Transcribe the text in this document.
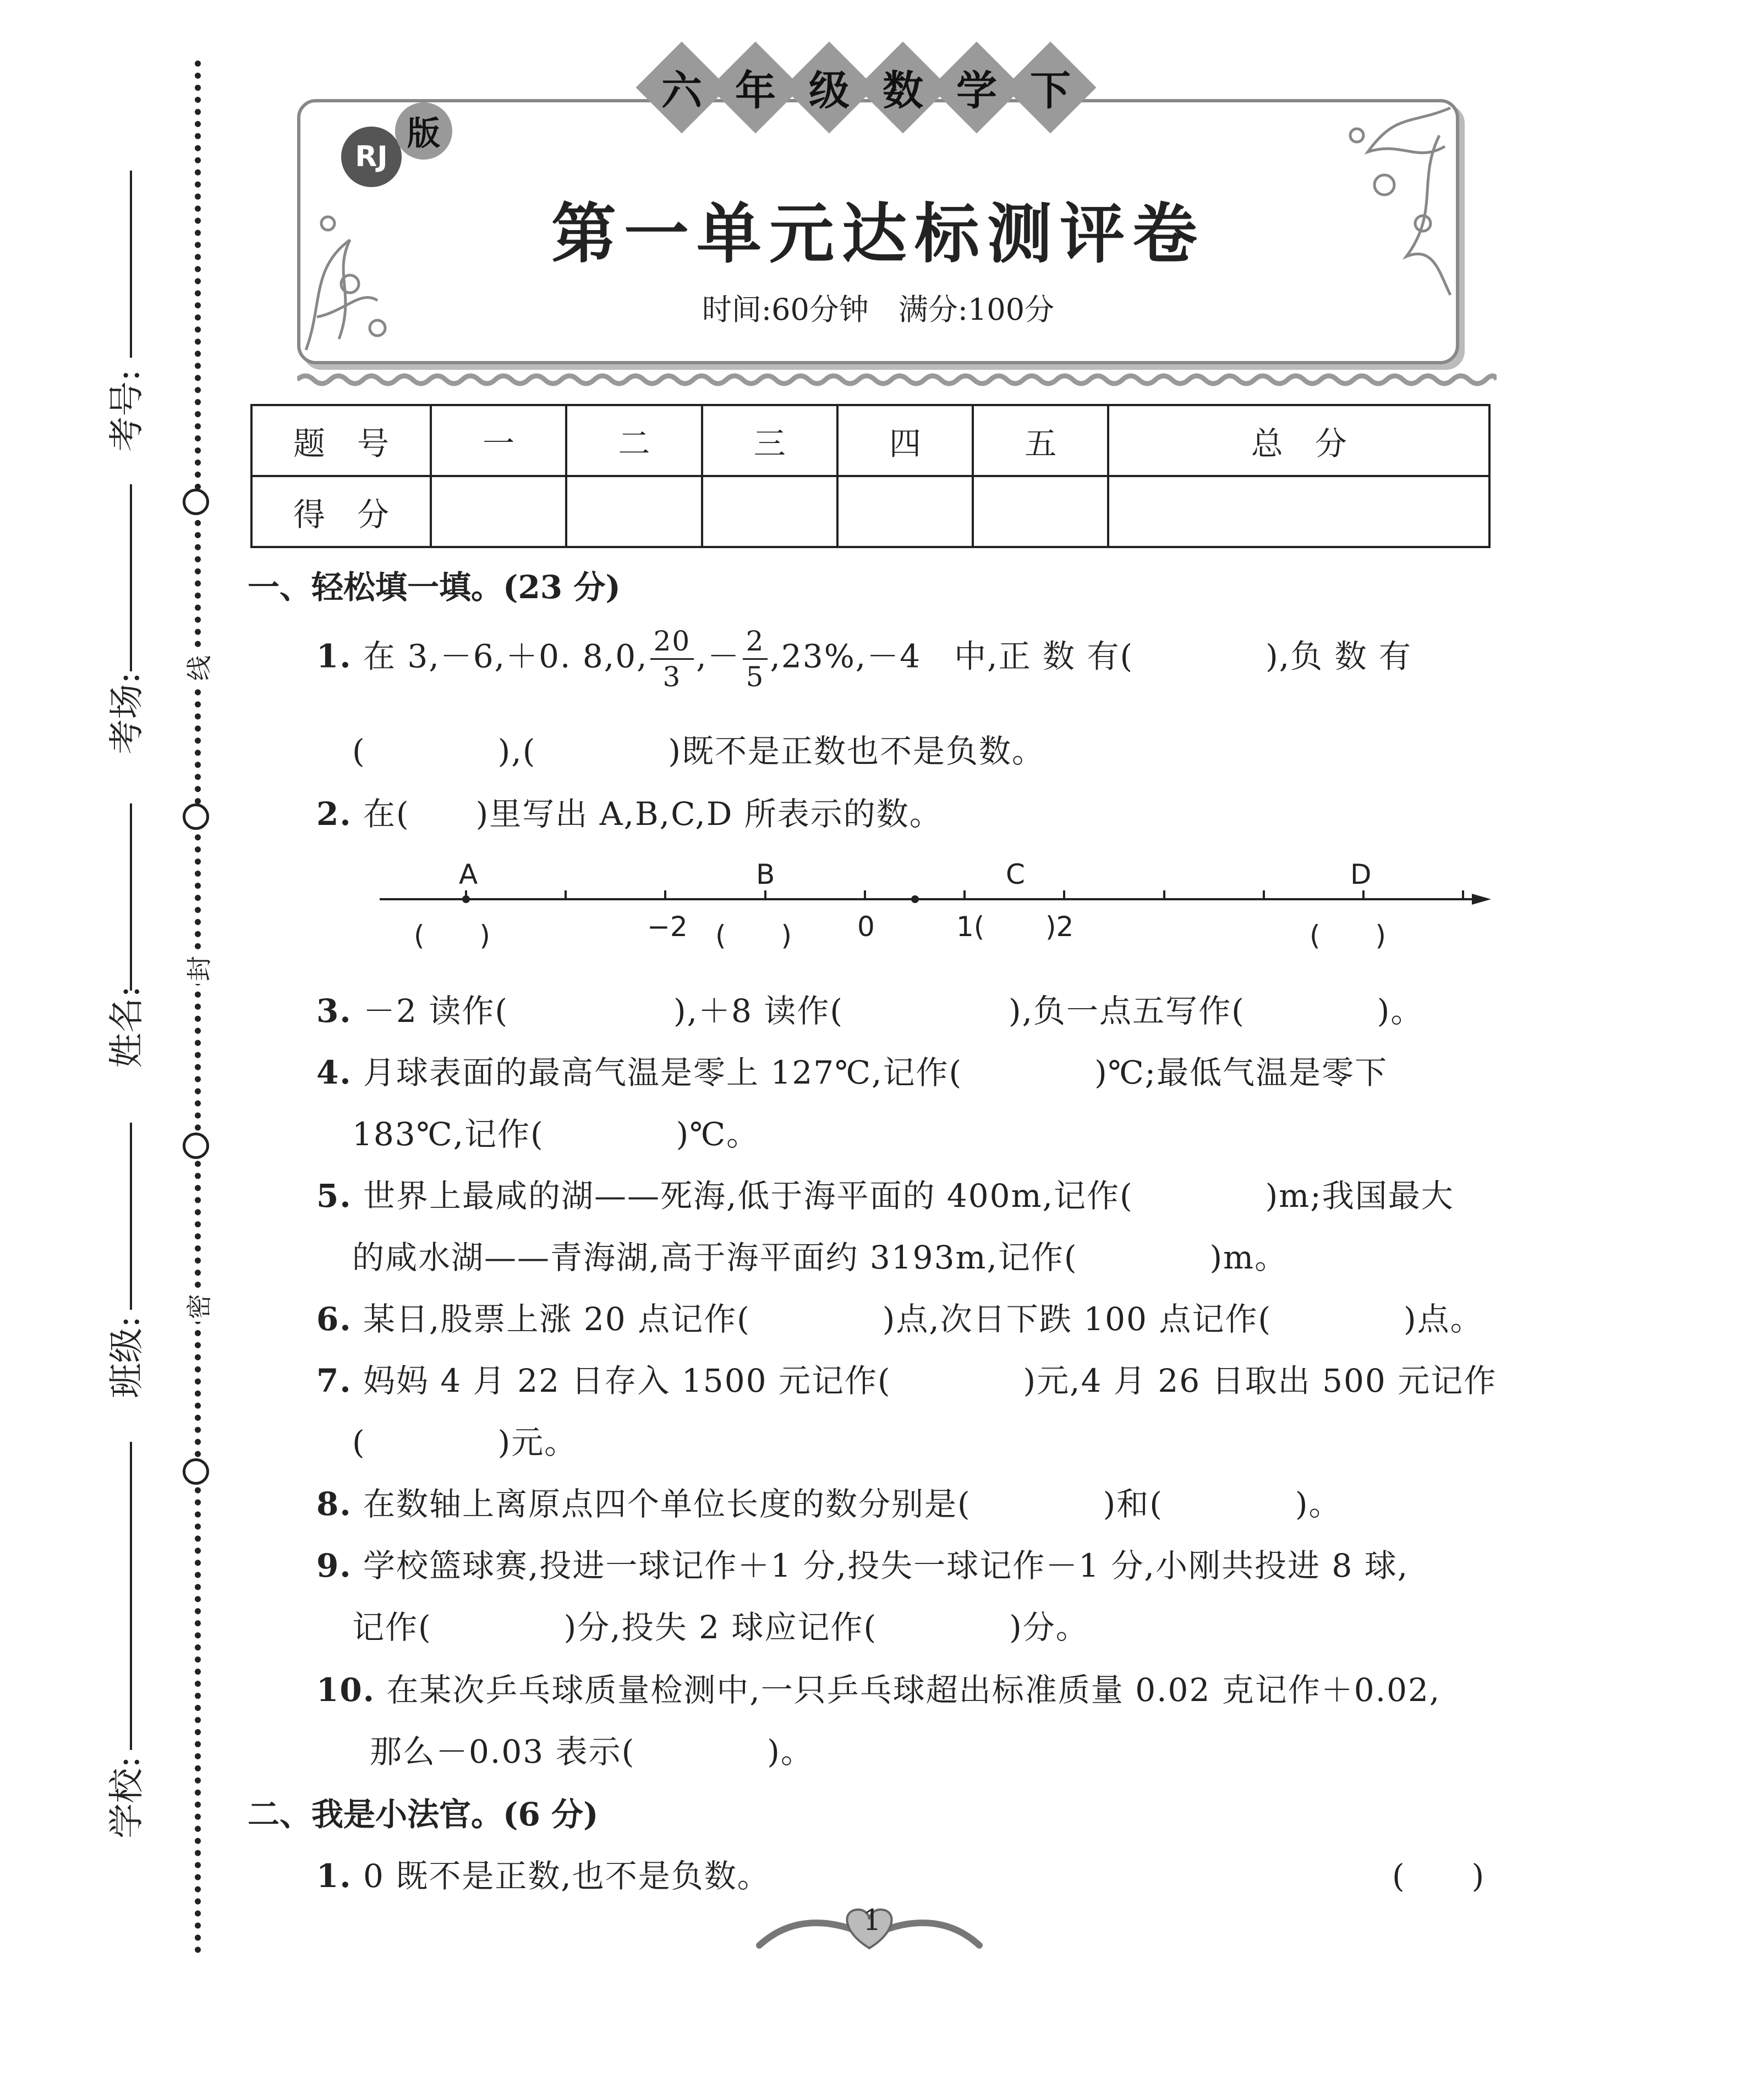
线
封
密
考号:
考场:
姓名:
班级:
学校:
六 年 级 数 学 下
RJ
版
第一单元达标测评卷
时间:60分钟　满分:100分
题　号	一	二	三	四	五	总　分
得　分						
一、轻松填一填。(23 分)
1. 在 3,－6,＋0. 8,0, $\frac{20}{3}$ ,－ $\frac{2}{5} ,23\%,-4$　中,正 数 有(　　　　),负 数 有
(　　　　),(　　　　)既不是正数也不是负数。
2. 在(　　)里写出 A,B,C,D 所表示的数。
A	B	C	D
(　　)	−2 (　　) 0	1( )2	(　　)
3. －2 读作(　　　　　),＋8 读作(　　　　　),负一点五写作(　　　　)。
4. 月球表面的最高气温是零上 127℃,记作(　　　　)℃;最低气温是零下
183℃,记作(　　　　)℃。
5. 世界上最咸的湖——死海,低于海平面的 400m,记作(　　　　)m;我国最大
的咸水湖——青海湖,高于海平面约 3193m,记作(　　　　)m。
6. 某日,股票上涨 20 点记作(　　　　)点,次日下跌 100 点记作(　　　　)点。
7. 妈妈 4 月 22 日存入 1500 元记作(　　　　)元,4 月 26 日取出 500 元记作
(　　　　)元。
8. 在数轴上离原点四个单位长度的数分别是(　　　　)和(　　　　)。
9. 学校篮球赛,投进一球记作＋1 分,投失一球记作－1 分,小刚共投进 8 球,
记作(　　　　)分,投失 2 球应记作(　　　　)分。
10. 在某次乒乓球质量检测中,一只乒乓球超出标准质量 0.02 克记作＋0.02,
那么－0.03 表示(　　　　)。
二、我是小法官。(6 分)
1. 0 既不是正数,也不是负数。	(　　)
1
